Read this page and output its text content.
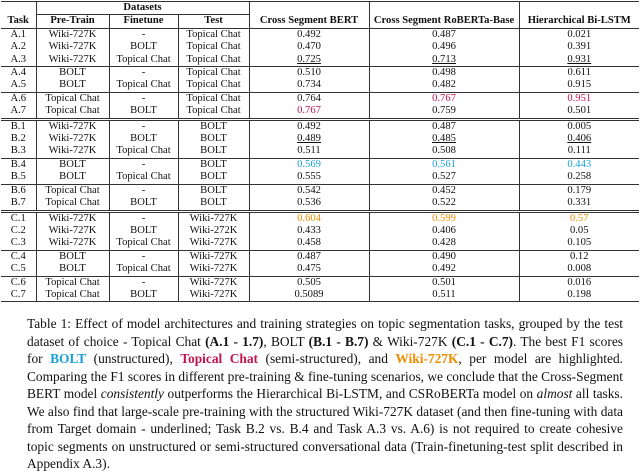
	Datasets					
Task	Pre-Train	Finetune	Test	Cross Segment BERT	Cross Segment RoBERTa-Base	Hierarchical Bi-LSTM
A.1	Wiki-727K	-	Topical Chat	0.492	0.487	0.021
A.2	Wiki-727K	BOLT	Topical Chat	0.470	0.496	0.391
A.3	Wiki-727K	Topical Chat	Topical Chat	0.725	0.713	0.931
A.4	BOLT	-	Topical Chat	0.510	0.498	0.611
A.5	BOLT	Topical Chat	Topical Chat	0.734	0.482	0.915
A.6	Topical Chat	-	Topical Chat	0.764	0.767	0.951
A.7	Topical Chat	BOLT	Topical Chat	0.767	0.759	0.501
B.1	Wiki-727K	-	BOLT	0.492	0.487	0.005
B.2	Wiki-727K	BOLT	BOLT	0.489	0.485	0.406
B.3	Wiki-727K	Topical Chat	BOLT	0.511	0.508	0.111
B.4	BOLT	-	BOLT	0.569	0.561	0.443
B.5	BOLT	Topical Chat	BOLT	0.555	0.527	0.258
B.6	Topical Chat	-	BOLT	0.542	0.452	0.179
B.7	Topical Chat	BOLT	BOLT	0.536	0.522	0.331
C.1	Wiki-727K	-	Wiki-727K	0.604	0.599	0.57
C.2	Wiki-727K	BOLT	Wiki-272K	0.433	0.406	0.05
C.3	Wiki-727K	Topical Chat	Wiki-727K	0.458	0.428	0.105
C.4	BOLT	-	Wiki-727K	0.487	0.490	0.12
C.5	BOLT	Topical Chat	Wiki-727K	0.475	0.492	0.008
C.6	Topical Chat	-	Wiki-727K	0.505	0.501	0.016
C.7	Topical Chat	BOLT	Wiki-727K	0.5089	0.511	0.198
Table 1: Effect of model architectures and training strategies on topic segmentation tasks, grouped by the test dataset of choice - Topical Chat (A.1 - 1.7), BOLT (B.1 - B.7) & Wiki-727K (C.1 - C.7). The best F1 scores for BOLT (unstructured), Topical Chat (semi-structured), and Wiki-727K, per model are highlighted. Comparing the F1 scores in different pre-training & fine-tuning scenarios, we conclude that the Cross-Segment BERT model consistently outperforms the Hierarchical Bi-LSTM, and CSRoBERTa model on almost all tasks. We also find that large-scale pre-training with the structured Wiki-727K dataset (and then fine-tuning with data from Target domain - underlined; Task B.2 vs. B.4 and Task A.3 vs. A.6) is not required to create cohesive topic segments on unstructured or semi-structured conversational data (Train-finetuning-test split described in Appendix A.3).
